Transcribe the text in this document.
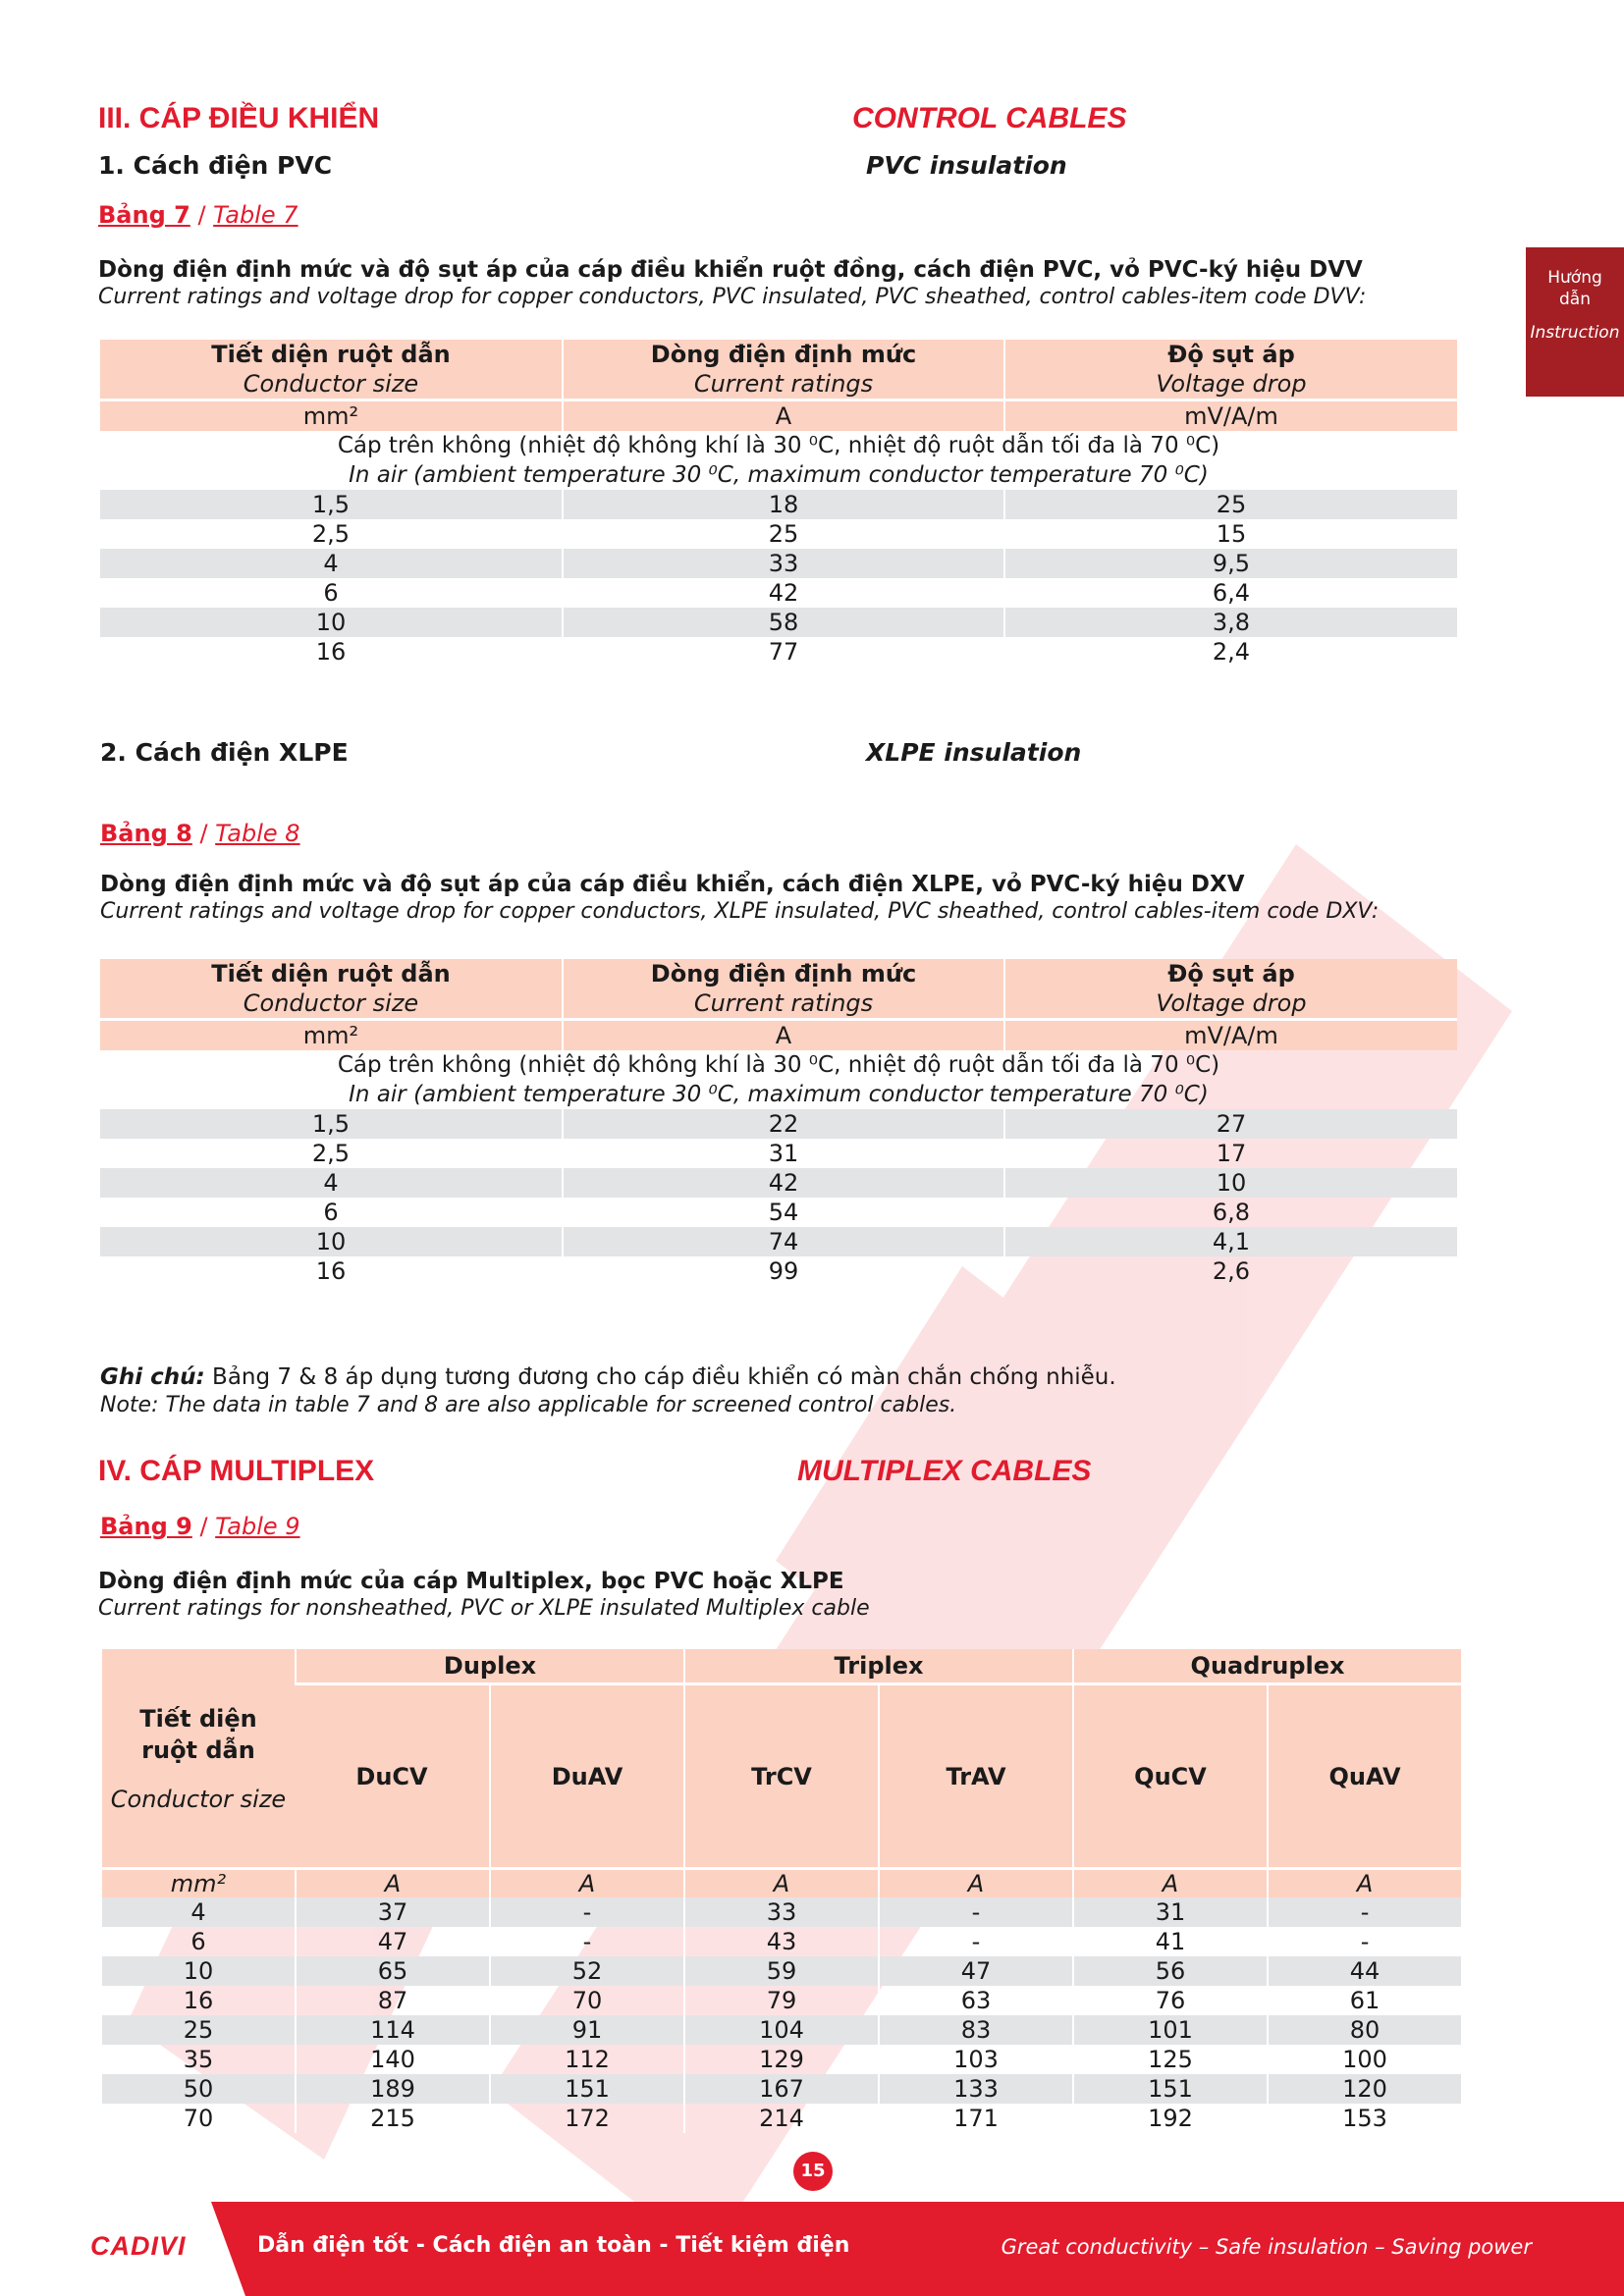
III. CÁP ĐIỀU KHIỂN	CONTROL CABLES
1. Cách điện PVC	PVC insulation
Bảng 7 / Table 7
Dòng điện định mức và độ sụt áp của cáp điều khiển ruột đồng, cách điện PVC, vỏ PVC-ký hiệu DVV
Current ratings and voltage drop for copper conductors, PVC insulated, PVC sheathed, control cables-item code DVV:
Tiết diện ruột dẫn	Dòng điện định mức	Độ sụt áp
Conductor size	Current ratings	Voltage drop
mm²	A	mV/A/m
Cáp trên không (nhiệt độ không khí là 30 ⁰C, nhiệt độ ruột dẫn tối đa là 70 ⁰C)		
In air (ambient temperature 30 ⁰C, maximum conductor temperature 70 ⁰C)		
1,5	18	25
2,5	25	15
4	33	9,5
6	42	6,4
10	58	3,8
16	77	2,4
2. Cách điện XLPE	XLPE insulation
Bảng 8 / Table 8
Dòng điện định mức và độ sụt áp của cáp điều khiển, cách điện XLPE, vỏ PVC-ký hiệu DXV
Current ratings and voltage drop for copper conductors, XLPE insulated, PVC sheathed, control cables-item code DXV:
Tiết diện ruột dẫn	Dòng điện định mức	Độ sụt áp
Conductor size	Current ratings	Voltage drop
mm²	A	mV/A/m
Cáp trên không (nhiệt độ không khí là 30 ⁰C, nhiệt độ ruột dẫn tối đa là 70 ⁰C)		
In air (ambient temperature 30 ⁰C, maximum conductor temperature 70 ⁰C)		
1,5	22	27
2,5	31	17
4	42	10
6	54	6,8
10	74	4,1
16	99	2,6
Ghi chú: Bảng 7 & 8 áp dụng tương đương cho cáp điều khiển có màn chắn chống nhiễu.
Note: The data in table 7 and 8 are also applicable for screened control cables.
IV. CÁP MULTIPLEX	MULTIPLEX CABLES
Bảng 9 / Table 9
Dòng điện định mức của cáp Multiplex, bọc PVC hoặc XLPE
Current ratings for nonsheathed, PVC or XLPE insulated Multiplex cable
Tiết diện ruột dẫn
Conductor size	Duplex		Triplex		Quadruplex	
	DuCV	DuAV	TrCV	TrAV	QuCV	QuAV
mm²	A	A	A	A	A	A
4	37	-	33	-	31	-
6	47	-	43	-	41	-
10	65	52	59	47	56	44
16	87	70	79	63	76	61
25	114	91	104	83	101	80
35	140	112	129	103	125	100
50	189	151	167	133	151	120
70	215	172	214	171	192	153
Hướng dẫn
Instruction
15
CADIVI	Dẫn điện tốt - Cách điện an toàn - Tiết kiệm điện	Great conductivity – Safe insulation – Saving power
